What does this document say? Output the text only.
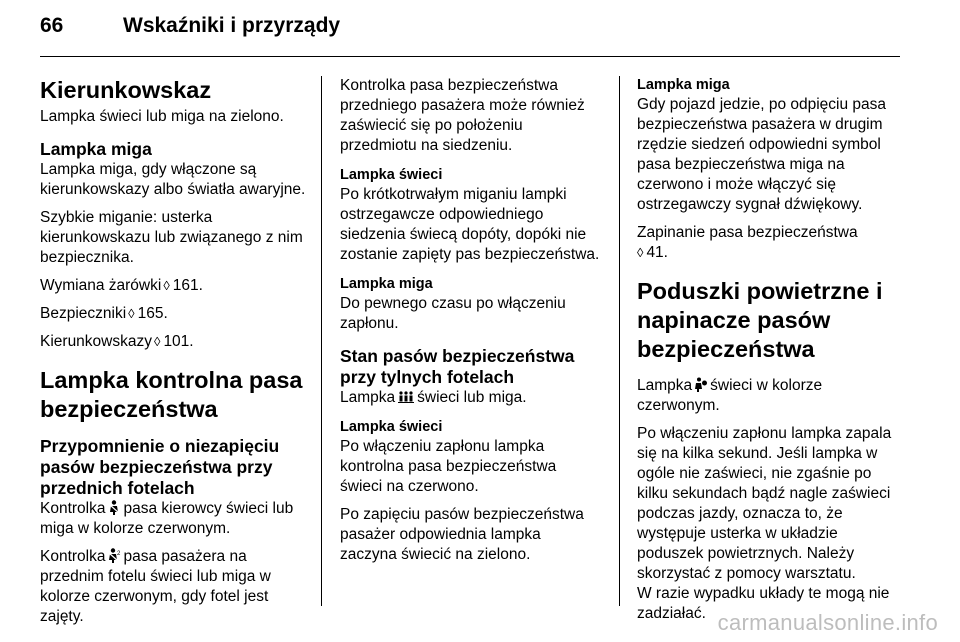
66	Wskaźniki i przyrządy
Kierunkowskaz

Lampka świeci lub miga na zielono.

Lampka miga

Lampka miga, gdy włączone są kierunkowskazy albo światła awaryjne.

Szybkie miganie: usterka kierunkowskazu lub związanego z nim bezpiecznika.

Wymiana żarówki ◊ 161.

Bezpieczniki ◊ 165.

Kierunkowskazy ◊ 101.

Lampka kontrolna pasa bezpieczeństwa
Przypomnienie o niezapięciu pasów bezpieczeństwa przy przednich fotelach

Kontrolka pasa kierowcy świeci lub miga w kolorze czerwonym.

Kontrolka 2 pasa pasażera na przednim fotelu świeci lub miga w kolorze czerwonym, gdy fotel jest zajęty.

Kontrolka pasa bezpieczeństwa przedniego pasażera może również zaświecić się po położeniu przedmiotu na siedzeniu.

Lampka świeci

Po krótkotrwałym miganiu lampki ostrzegawcze odpowiedniego siedzenia świecą dopóty, dopóki nie zostanie zapięty pas bezpieczeństwa.

Lampka miga

Do pewnego czasu po włączeniu zapłonu.

Stan pasów bezpieczeństwa przy tylnych fotelach

Lampka świeci lub miga.

Lampka świeci

Po włączeniu zapłonu lampka kontrolna pasa bezpieczeństwa świeci na czerwono.

Po zapięciu pasów bezpieczeństwa pasażer odpowiednia lampka zaczyna świecić na zielono.

Lampka miga

Gdy pojazd jedzie, po odpięciu pasa bezpieczeństwa pasażera w drugim rzędzie siedzeń odpowiedni symbol pasa bezpieczeństwa miga na czerwono i może włączyć się ostrzegawczy sygnał dźwiękowy.

Zapinanie pasa bezpieczeństwa

◊ 41.

Poduszki powietrzne i napinacze pasów bezpieczeństwa

Lampka świeci w kolorze czerwonym.

Po włączeniu zapłonu lampka zapala się na kilka sekund. Jeśli lampka w ogóle nie zaświeci, nie zgaśnie po kilku sekundach bądź nagle zaświeci podczas jazdy, oznacza to, że występuje usterka w układzie poduszek powietrznych. Należy skorzystać z pomocy warsztatu.

W razie wypadku układy te mogą nie zadziałać. carmanualsonline.info
